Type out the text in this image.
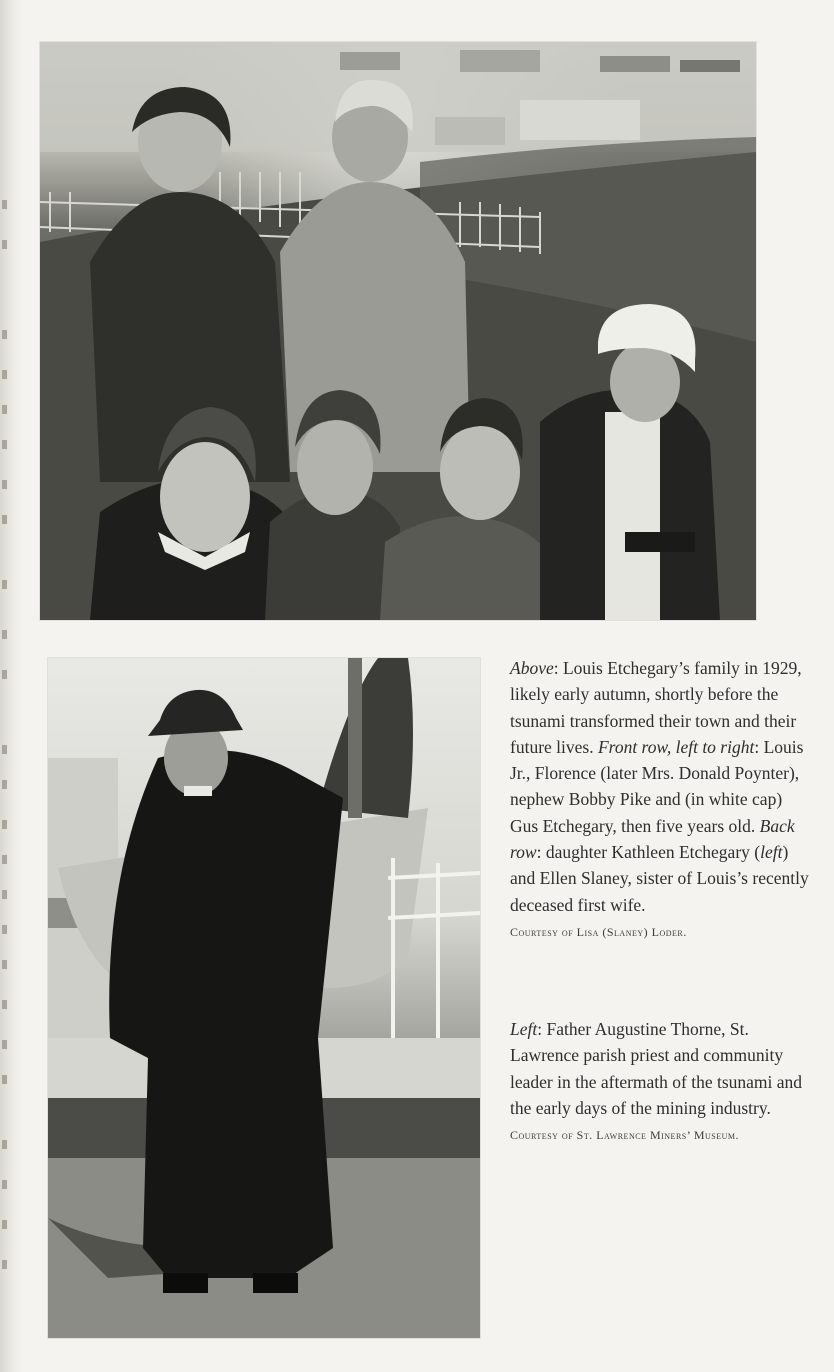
Above: Louis Etchegary’s family in 1929, likely early autumn, shortly before the tsunami transformed their town and their future lives. Front row, left to right: Louis Jr., Florence (later Mrs. Donald Poynter), nephew Bobby Pike and (in white cap) Gus Etchegary, then five years old. Back row: daughter Kathleen Etchegary (left) and Ellen Slaney, sister of Louis’s recently deceased first wife.
Courtesy of Lisa (Slaney) Loder.
Left: Father Augustine Thorne, St. Lawrence parish priest and community leader in the aftermath of the tsunami and the early days of the mining industry.
Courtesy of St. Lawrence Miners’ Museum.
